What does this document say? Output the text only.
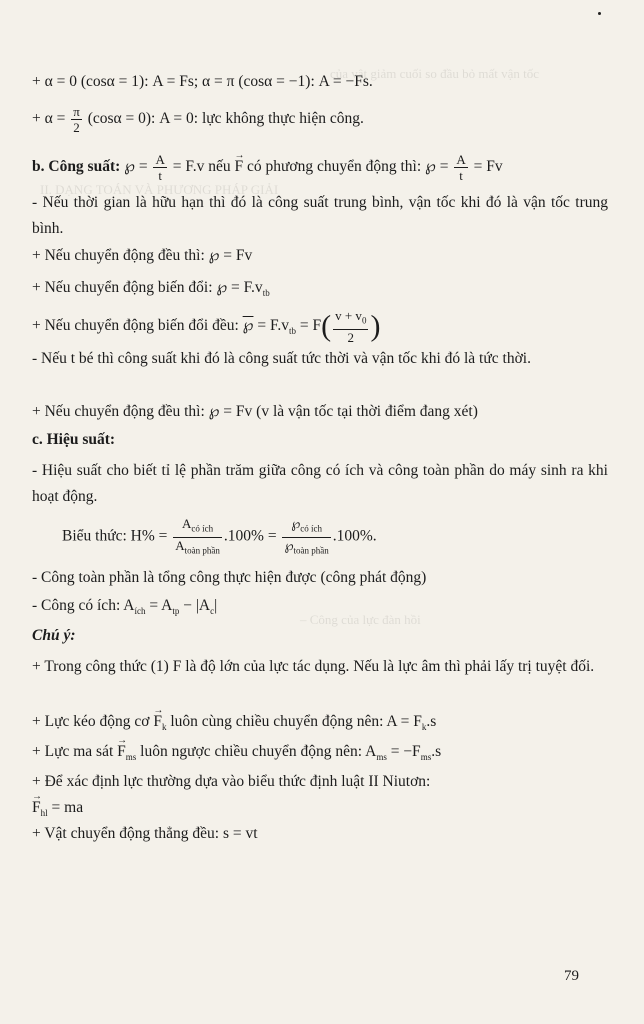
của vật giảm cuối so đầu bỏ mất vận tốc
II. DẠNG TOÁN VÀ PHƯƠNG PHÁP GIẢI
– Công của lực đàn hồi
+ α = 0 (cosα = 1): A = Fs; α = π (cosα = −1): A = −Fs.
+ $\alpha = \frac{\pi}{2} (\cos\alpha = 0)$: A = 0: lực không thực hiện công.
b. Công suất: ℘ = $\frac{A}{t} = F.v$ nếu → F có phương chuyển động thì: ℘ = $\frac{A}{t} = Fv$
- Nếu thời gian là hữu hạn thì đó là công suất trung bình, vận tốc khi đó là vận tốc trung bình.
+ Nếu chuyển động đều thì: ℘ = Fv
+ Nếu chuyển động biến đổi: ℘ = $F.v_{tb}$
+ Nếu chuyển động biến đổi đều: ℘ = $F.v_{tb} = F( \frac{v + v_0}{2}$ )
- Nếu t bé thì công suất khi đó là công suất tức thời và vận tốc khi đó là tức thời.
+ Nếu chuyển động đều thì: ℘ = Fv (v là vận tốc tại thời điểm đang xét)
c. Hiệu suất:
- Hiệu suất cho biết tỉ lệ phần trăm giữa công có ích và công toàn phần do máy sinh ra khi hoạt động.
Biểu thức: $H\% = \frac{A_{có ích}}{A_{toàn phần}} .100\% = \frac{℘_{có ích}}{℘_{toàn phần}} .100\%$.
- Công toàn phần là tổng công thực hiện được (công phát động)
- Công có ích: $A_{ích} = A_{tp} - |A_c|$
Chú ý:
+ Trong công thức (1) F là độ lớn của lực tác dụng. Nếu là lực âm thì phải lấy trị tuyệt đối.
+ Lực kéo động cơ → $F_k$ luôn cùng chiều chuyển động nên: $A = F_k.s$
+ Lực ma sát → $F_{ms}$ luôn ngược chiều chuyển động nên: $A_{ms} = -F_{ms}.s$
+ Để xác định lực thường dựa vào biểu thức định luật II Niutơn:
→ $F_{hl}$ = ma
+ Vật chuyển động thẳng đều: s = vt
79
